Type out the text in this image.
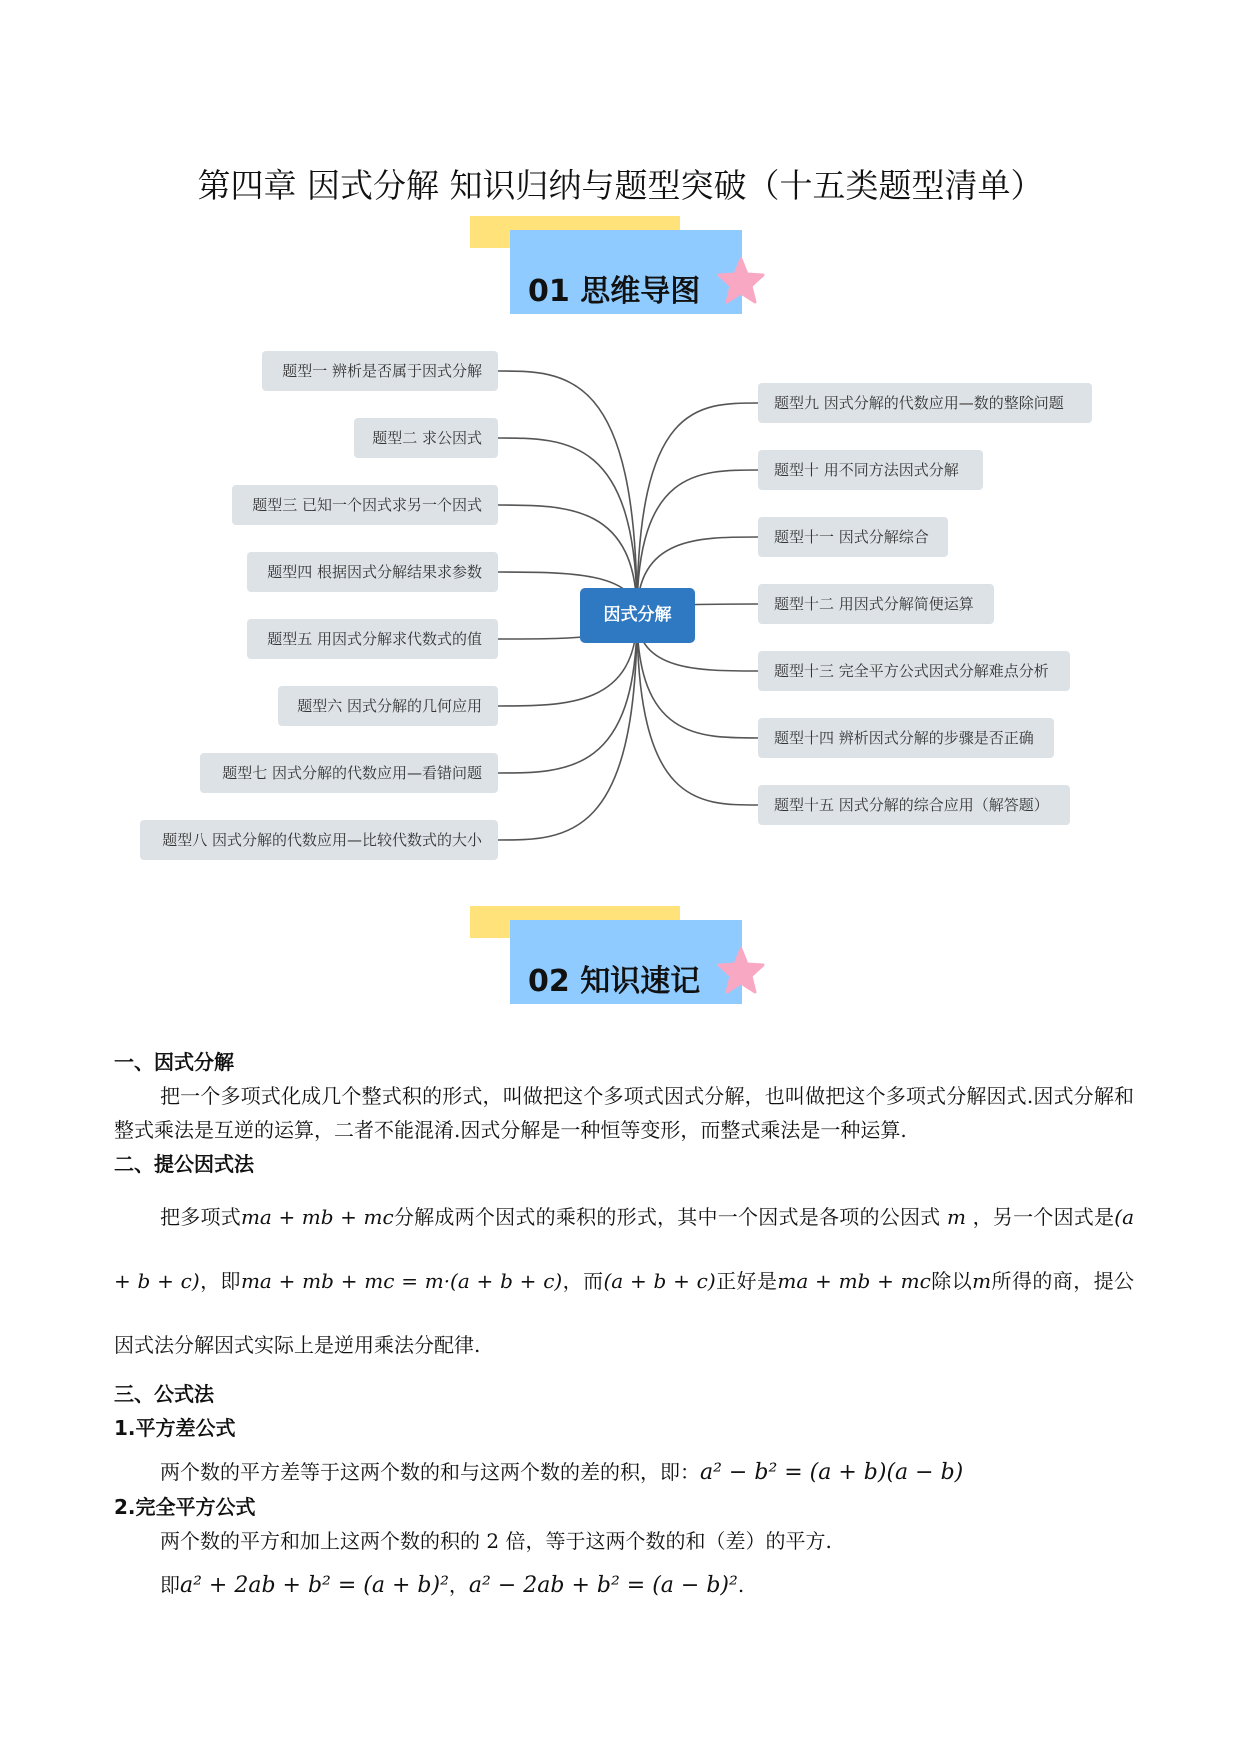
第四章 因式分解 知识归纳与题型突破（十五类题型清单）
01 思维导图
因式分解
题型一 辨析是否属于因式分解
题型二 求公因式
题型三 已知一个因式求另一个因式
题型四 根据因式分解结果求参数
题型五 用因式分解求代数式的值
题型六 因式分解的几何应用
题型七 因式分解的代数应用—看错问题
题型八 因式分解的代数应用—比较代数式的大小
题型九 因式分解的代数应用—数的整除问题
题型十 用不同方法因式分解
题型十一 因式分解综合
题型十二 用因式分解简便运算
题型十三 完全平方公式因式分解难点分析
题型十四 辨析因式分解的步骤是否正确
题型十五 因式分解的综合应用（解答题）
02 知识速记

一、因式分解

把一个多项式化成几个整式积的形式，叫做把这个多项式因式分解，也叫做把这个多项式分解因式.因式分解和整式乘法是互逆的运算，二者不能混淆.因式分解是一种恒等变形，而整式乘法是一种运算.

二、提公因式法

把多项式ma + mb + mc分解成两个因式的乘积的形式，其中一个因式是各项的公因式 m ，另一个因式是(a + b + c)，即ma + mb + mc = m·(a + b + c)，而(a + b + c)正好是ma + mb + mc除以m所得的商，提公因式法分解因式实际上是逆用乘法分配律.

三、公式法

1.平方差公式

两个数的平方差等于这两个数的和与这两个数的差的积，即：a² − b² = (a + b)(a − b)

2.完全平方公式

两个数的平方和加上这两个数的积的 2 倍，等于这两个数的和（差）的平方.

即a² + 2ab + b² = (a + b)²，a² − 2ab + b² = (a − b)².
